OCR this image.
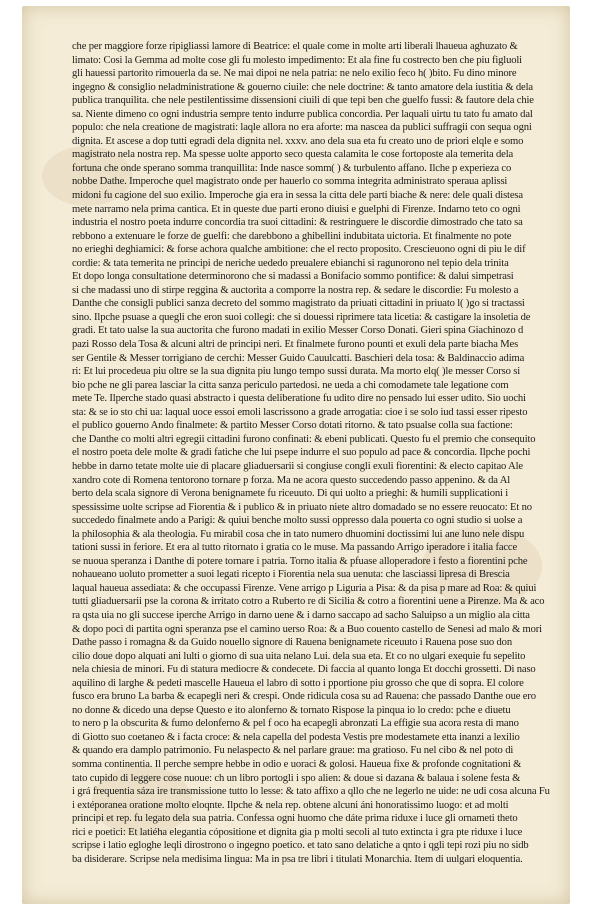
che per maggiore forze ripigliassi lamore di Beatrice: el quale come in molte arti liberali lhaueua aghuzato &
limato: Cosi la Gemma ad molte cose gli fu molesto impedimento: Et ala fine fu costrecto ben che piu figluoli
gli hauessi partorito rimouerla da se. Ne mai dipoi ne nela patria: ne nelo exilio feco h( )bito. Fu dino minore
ingegno & consiglio neladministratione & gouerno ciuile: che nele doctrine: & tanto amatore dela iustitia & dela
publica tranquilita. che nele pestilentissime dissensioni ciuili di que tepi ben che guelfo fussi: & fautore dela chie
sa. Niente dimeno co ogni industria sempre tento indurre publica concordia. Per laquali uirtu tu tato fu amato dal
populo: che nela creatione de magistrati: laqle allora no era aforte: ma nascea da publici suffragii con sequa ogni
dignita. Et ascese a dop tutti egradi dela dignita nel. xxxv. ano dela sua eta fu creato uno de priori elqle e somo
magistrato nela nostra rep. Ma spesse uolte apporto seco questa calamita le cose fortoposte ala temerita dela
fortuna che onde sperano somma tranquillita: Inde nasce somm( ) & turbulento affano. Ilche p experieza co
nobbe Dathe. Imperoche quel magistrato onde per hauerlo co somma integrita administrato speraua aplissi
midoni fu cagione del suo exilio. Imperoche gia era in sessa la citta dele parti biache & nere: dele quali distesa
mete narramo nela prima cantica. Et in queste due parti erono diuisi e guelphi di Firenze. Indarno teto co ogni
industria el nostro poeta indurre concordia tra suoi cittadini: & restringuere le discordie dimostrado che tato sa
rebbono a extenuare le forze de guelfi: che darebbono a ghibellini indubitata uictoria. Et finalmente no pote
no erieghi deghiamici: & forse achora qualche ambitione: che el recto proposito. Crescieuono ogni di piu le dif
cordie: & tata temerita ne principi de neriche uededo preualere ebianchi si ragunorono nel tepio dela trinita
Et dopo longa consultatione determinorono che si madassi a Bonifacio sommo pontifice: & dalui simpetrasi
si che madassi uno di stirpe reggina & auctorita a comporre la nostra rep. & sedare le discordie: Fu molesto a
Danthe che consigli publici sanza decreto del sommo magistrato da priuati cittadini in priuato l( )go si tractassi
sino. Ilpche psuase a quegli che eron suoi collegi: che si douessi riprimere tata licetia: & castigare la insoletia de
gradi. Et tato ualse la sua auctorita che furono madati in exilio Messer Corso Donati. Gieri spina Giachinozo d
pazi Rosso dela Tosa & alcuni altri de principi neri. Et finalmete furono pounti et exuli dela parte biacha Mes
ser Gentile & Messer torrigiano de cerchi: Messer Guido Cauulcatti. Baschieri dela tosa: & Baldinaccio adima
ri: Et lui procedeua piu oltre se la sua dignita piu lungo tempo sussi durata. Ma morto elq( )le messer Corso si
bio pche ne gli parea lasciar la citta sanza periculo partedosi. ne ueda a chi comodamete tale legatione com
mete Te. Ilperche stado quasi abstracto i questa deliberatione fu udito dire no pensado lui esser udito. Sio uochi
sta: & se io sto chi ua: laqual uoce essoi emoli lascrissono a grade arrogatia: cioe i se solo iud tassi esser ripesto
el publico gouerno Ando finalmete: & partito Messer Corso dotati ritorno. & tato psualse colla sua factione:
che Danthe co molti altri egregii cittadini furono confinati: & ebeni publicati. Questo fu el premio che consequito
el nostro poeta dele molte & gradi fatiche che lui psepe indurre el suo populo ad pace & concordia. Ilpche pochi
hebbe in darno tetate molte uie di placare gliaduersarii si congiuse congli exuli fiorentini: & electo capitao Ale
xandro cote di Romena tentorono tornare p forza. Ma ne acora questo succedendo passo appenino. & da Al
berto dela scala signore di Verona benignamete fu riceuuto. Di qui uolto a prieghi: & humili supplicationi i
spessissime uolte scripse ad Fiorentia & i publico & in priuato niete altro domadado se no essere reuocato: Et no
succededo finalmete ando a Parigi: & quiui benche molto sussi oppresso dala pouerta co ogni studio si uolse a
la philosophia & ala theologia. Fu mirabil cosa che in tato numero dhuomini doctissimi lui ane luno nele dispu
tationi sussi in feriore. Et era al tutto ritornato i gratia co le muse. Ma passando Arrigo iperadore i italia facce
se nuoua speranza i Danthe di potere tornare i patria. Torno italia & pfuase alloperadore i festo a fiorentini pche
nohaueano uoluto prometter a suoi legati ricepto i Fiorentia nela sua uenuta: che lasciassi lipresa di Brescia
laqual haueua assediata: & che occupassi Firenze. Vene arrigo p Liguria a Pisa: & da pisa p mare ad Roa: & quiui
tutti gliaduersarii pse la corona & irritato cotro a Ruberto re di Sicilia & cotro a fiorentini uene a Pirenze. Ma & aco
ra qsta uia no gli succese iperche Arrigo in darno uene & i darno saccapo ad sacho Saluipso a un miglio ala citta
& dopo poci di partita ogni speranza pse el camino uerso Roa: & a Buo couento castello de Senesi ad malo & mori
Dathe passo i romagna & da Guido nouello signore di Rauena benignamete riceuuto i Rauena pose suo don
cilio doue dopo alquati ani lulti o giorno di sua uita nelano Lui. dela sua eta. Et co no ulgari exequie fu sepelito
nela chiesia de minori. Fu di statura mediocre & condecete. Di faccia al quanto longa Et docchi grossetti. Di naso
aquilino di larghe & pedeti mascelle Haueua el labro di sotto i pportione piu grosso che que di sopra. El colore
fusco era bruno La barba & ecapegli neri & crespi. Onde ridicula cosa su ad Rauena: che passado Danthe oue ero
no donne & dicedo una depse Questo e ito alonferno & tornato Rispose la pinqua io lo credo: pche e diuetu
to nero p la obscurita & fumo delonferno & pel f oco ha ecapegli abronzati La effigie sua acora resta di mano
di Giotto suo coetaneo & i facta croce: & nela capella del podesta Vestis pre modestamete etta inanzi a lexilio
& quando era damplo patrimonio. Fu nelaspecto & nel parlare graue: ma gratioso. Fu nel cibo & nel poto di
somma continentia. Il perche sempre hebbe in odio e uoraci & golosi. Haueua fixe & profonde cognitationi &
tato cupido di leggere cose nuoue: ch un libro portogli i spo alien: & doue si dazana & balaua i solene festa &
i grá frequentia sáza ire transmissione tutto lo lesse: & tato affixo a qllo che ne legerlo ne uide: ne udi cosa alcuna Fu
i extéporanea oratione molto eloqnte. Ilpche & nela rep. obtene alcuni áni honoratissimo luogo: et ad molti
principi et rep. fu legato dela sua patria. Confessa ogni huomo che dáte prima riduxe i luce gli ornameti theto
rici e poetici: Et latiéha elegantia cópositione et dignita gia p molti secoli al tuto extincta i gra pte riduxe i luce
scripse i latio egloghe leqli dirostrono o ingegno poetico. et tato sano delatiche a qnto i qgli tepi rozi piu no sidb
ba disiderare. Scripse nela medisima lingua: Ma in psa tre libri i titulati Monarchia. Item di uulgari eloquentia.
